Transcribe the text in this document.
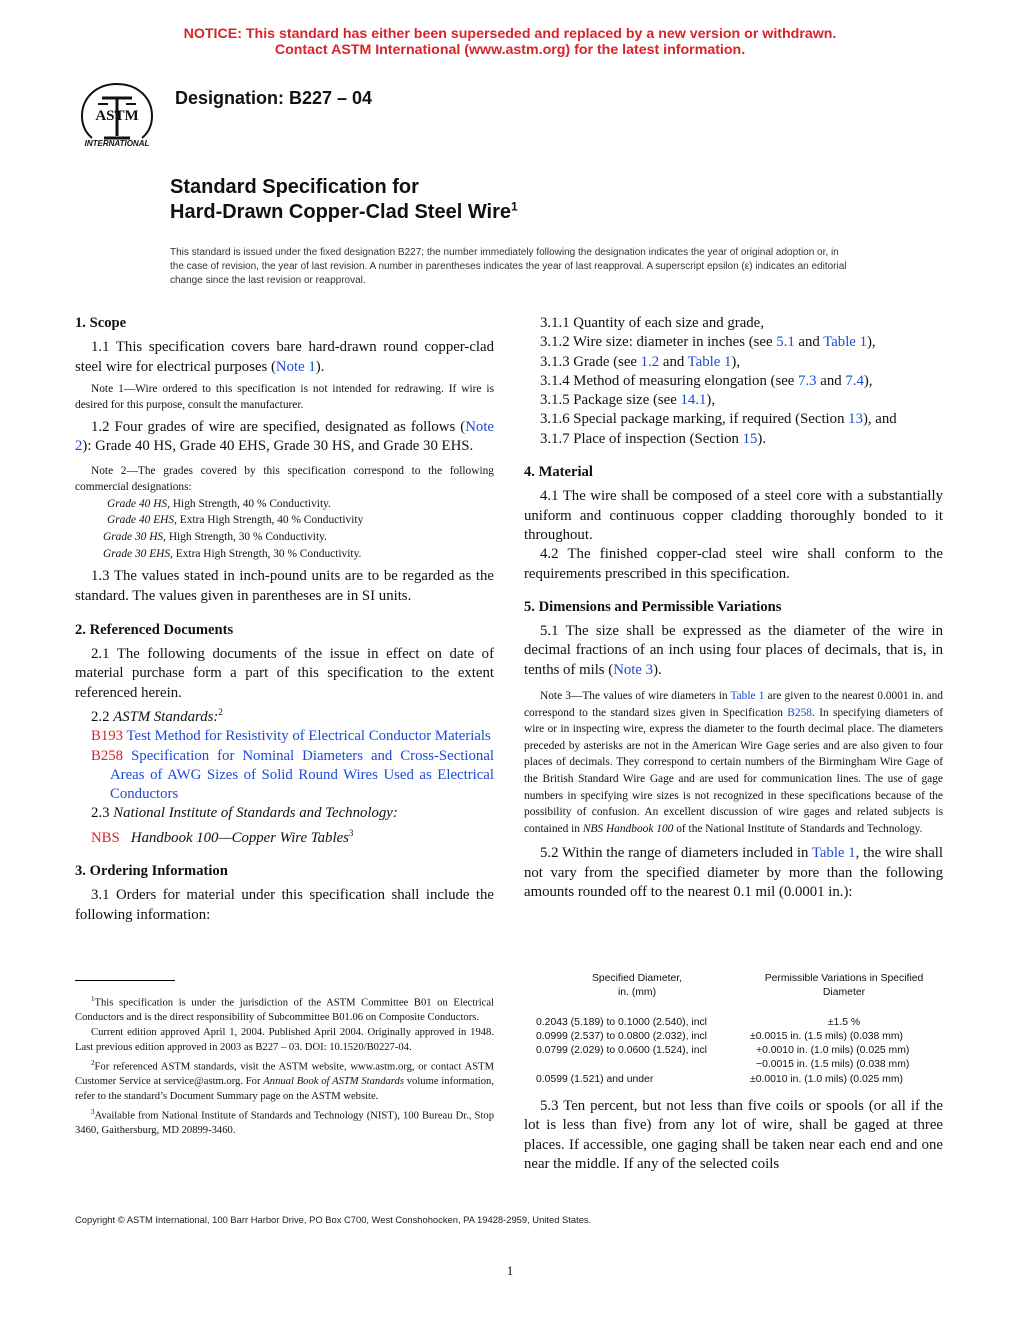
NOTICE: This standard has either been superseded and replaced by a new version or withdrawn.
Contact ASTM International (www.astm.org) for the latest information.
ASTM
INTERNATIONAL
Designation: B227 – 04
Standard Specification for
Hard-Drawn Copper-Clad Steel Wire$^1$
This standard is issued under the fixed designation B227; the number immediately following the designation indicates the year of original adoption or, in the case of revision, the year of last revision. A number in parentheses indicates the year of last reapproval. A superscript epsilon (ε) indicates an editorial change since the last revision or reapproval.

1. Scope

1.1 This specification covers bare hard-drawn round copper-clad steel wire for electrical purposes (Note 1).

Note 1—Wire ordered to this specification is not intended for redrawing. If wire is desired for this purpose, consult the manufacturer.

1.2 Four grades of wire are specified, designated as follows (Note 2): Grade 40 HS, Grade 40 EHS, Grade 30 HS, and Grade 30 EHS.

Note 2—The grades covered by this specification correspond to the following commercial designations:

Grade 40 HS, High Strength, 40 % Conductivity.
Grade 40 EHS, Extra High Strength, 40 % Conductivity
Grade 30 HS, High Strength, 30 % Conductivity.
Grade 30 EHS, Extra High Strength, 30 % Conductivity.

1.3 The values stated in inch-pound units are to be regarded as the standard. The values given in parentheses are in SI units.

2. Referenced Documents

2.1 The following documents of the issue in effect on date of material purchase form a part of this specification to the extent referenced herein.

2.2 ASTM Standards:$^2$

B193 Test Method for Resistivity of Electrical Conductor Materials

B258 Specification for Nominal Diameters and Cross-Sectional Areas of AWG Sizes of Solid Round Wires Used as Electrical Conductors

2.3 National Institute of Standards and Technology:

NBS Handbook 100—Copper Wire Tables$^3$

3. Ordering Information

3.1 Orders for material under this specification shall include the following information:

$^1$This specification is under the jurisdiction of the ASTM Committee B01 on Electrical Conductors and is the direct responsibility of Subcommittee B01.06 on Composite Conductors.

Current edition approved April 1, 2004. Published April 2004. Originally approved in 1948. Last previous edition approved in 2003 as B227 – 03. DOI: 10.1520/B0227-04.

$^2$For referenced ASTM standards, visit the ASTM website, www.astm.org, or contact ASTM Customer Service at service@astm.org. For Annual Book of ASTM Standards volume information, refer to the standard’s Document Summary page on the ASTM website.

$^3$Available from National Institute of Standards and Technology (NIST), 100 Bureau Dr., Stop 3460, Gaithersburg, MD 20899-3460.

3.1.1 Quantity of each size and grade,
3.1.2 Wire size: diameter in inches (see 5.1 and Table 1),
3.1.3 Grade (see 1.2 and Table 1),
3.1.4 Method of measuring elongation (see 7.3 and 7.4),
3.1.5 Package size (see 14.1),
3.1.6 Special package marking, if required (Section 13), and
3.1.7 Place of inspection (Section 15).

4. Material

4.1 The wire shall be composed of a steel core with a substantially uniform and continuous copper cladding thoroughly bonded to it throughout.

4.2 The finished copper-clad steel wire shall conform to the requirements prescribed in this specification.

5. Dimensions and Permissible Variations

5.1 The size shall be expressed as the diameter of the wire in decimal fractions of an inch using four places of decimals, that is, in tenths of mils (Note 3).

Note 3—The values of wire diameters in Table 1 are given to the nearest 0.0001 in. and correspond to the standard sizes given in Specification B258. In specifying diameters of wire or in inspecting wire, express the diameter to the fourth decimal place. The diameters preceded by asterisks are not in the American Wire Gage series and are also given to four places of decimals. They correspond to certain numbers of the Birmingham Wire Gage of the British Standard Wire Gage and are used for communication lines. The use of gage numbers in specifying wire sizes is not recognized in these specifications because of the possibility of confusion. An excellent discussion of wire gages and related subjects is contained in NBS Handbook 100 of the National Institute of Standards and Technology.

5.2 Within the range of diameters included in Table 1, the wire shall not vary from the specified diameter by more than the following amounts rounded off to the nearest 0.1 mil (0.0001 in.):

Specified Diameter,
in. (mm)
Permissible Variations in Specified
Diameter
0.2043 (5.189) to 0.1000 (2.540), incl	±1.5 %
0.0999 (2.537) to 0.0800 (2.032), incl	±0.0015 in. (1.5 mils) (0.038 mm)
0.0799 (2.029) to 0.0600 (1.524), incl	+0.0010 in. (1.0 mils) (0.025 mm)
−0.0015 in. (1.5 mils) (0.038 mm)
0.0599 (1.521) and under	±0.0010 in. (1.0 mils) (0.025 mm)
5.3 Ten percent, but not less than five coils or spools (or all if the lot is less than five) from any lot of wire, shall be gaged at three places. If accessible, one gaging shall be taken near each end and one near the middle. If any of the selected coils
Copyright © ASTM International, 100 Barr Harbor Drive, PO Box C700, West Conshohocken, PA 19428-2959, United States.
1
